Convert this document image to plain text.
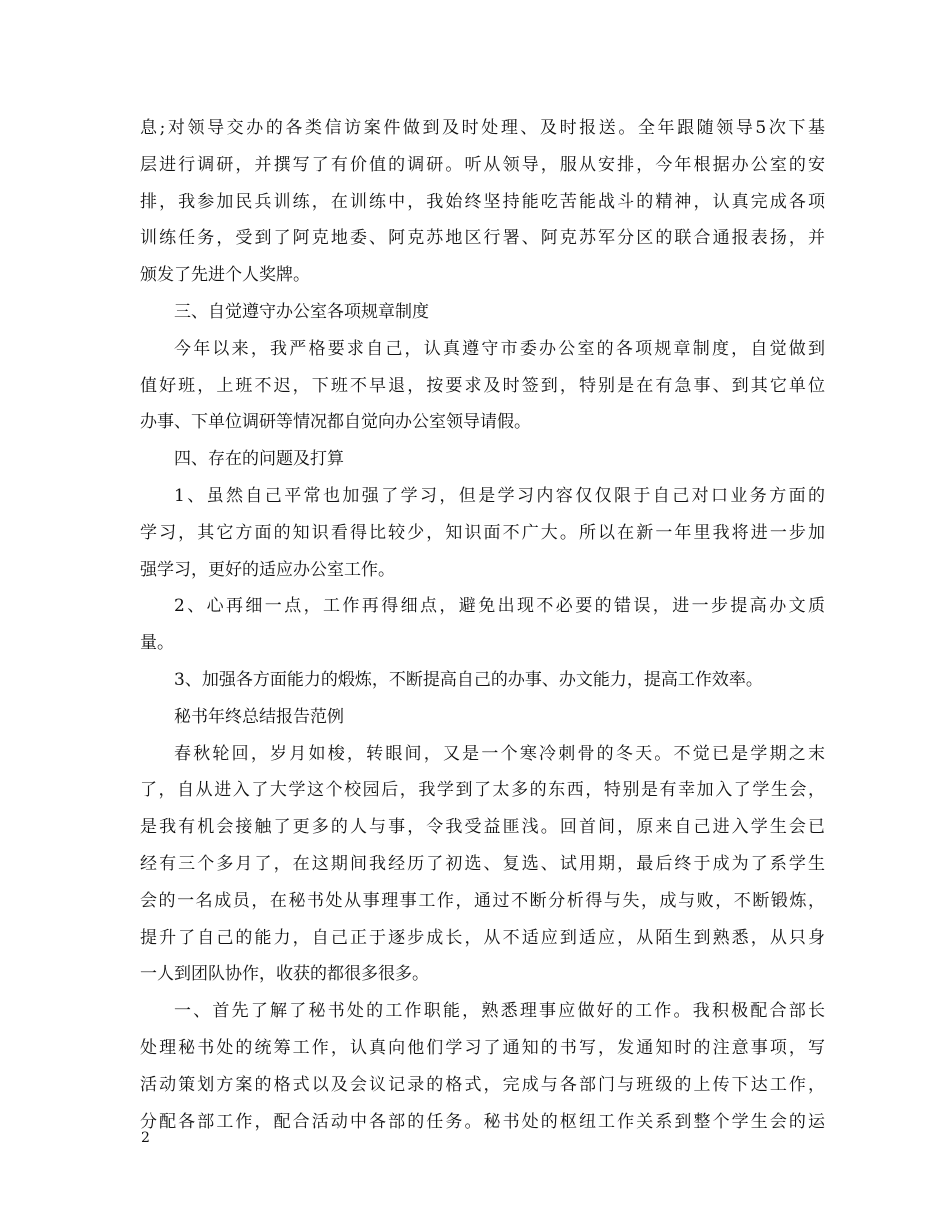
息;对领导交办的各类信访案件做到及时处理、及时报送。全年跟随领导5次下基
层进行调研，并撰写了有价值的调研。听从领导，服从安排，今年根据办公室的安
排，我参加民兵训练，在训练中，我始终坚持能吃苦能战斗的精神，认真完成各项
训练任务，受到了阿克地委、阿克苏地区行署、阿克苏军分区的联合通报表扬，并
颁发了先进个人奖牌。
三、自觉遵守办公室各项规章制度
今年以来，我严格要求自己，认真遵守市委办公室的各项规章制度，自觉做到
值好班，上班不迟，下班不早退，按要求及时签到，特别是在有急事、到其它单位
办事、下单位调研等情况都自觉向办公室领导请假。
四、存在的问题及打算
1、虽然自己平常也加强了学习，但是学习内容仅仅限于自己对口业务方面的
学习，其它方面的知识看得比较少，知识面不广大。所以在新一年里我将进一步加
强学习，更好的适应办公室工作。
2、心再细一点，工作再得细点，避免出现不必要的错误，进一步提高办文质
量。
3、加强各方面能力的煅炼，不断提高自己的办事、办文能力，提高工作效率。
秘书年终总结报告范例
春秋轮回，岁月如梭，转眼间，又是一个寒冷刺骨的冬天。不觉已是学期之末
了，自从进入了大学这个校园后，我学到了太多的东西，特别是有幸加入了学生会，
是我有机会接触了更多的人与事，令我受益匪浅。回首间，原来自己进入学生会已
经有三个多月了，在这期间我经历了初选、复选、试用期，最后终于成为了系学生
会的一名成员，在秘书处从事理事工作，通过不断分析得与失，成与败，不断锻炼，
提升了自己的能力，自己正于逐步成长，从不适应到适应，从陌生到熟悉，从只身
一人到团队协作，收获的都很多很多。
一、首先了解了秘书处的工作职能，熟悉理事应做好的工作。我积极配合部长
处理秘书处的统筹工作，认真向他们学习了通知的书写，发通知时的注意事项，写
活动策划方案的格式以及会议记录的格式，完成与各部门与班级的上传下达工作，
分配各部工作，配合活动中各部的任务。秘书处的枢纽工作关系到整个学生会的运
2
